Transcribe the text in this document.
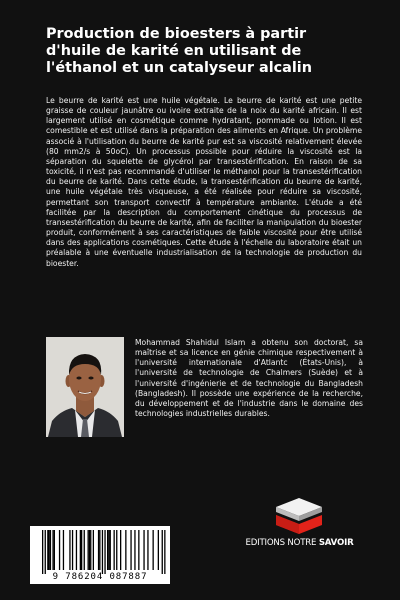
Production de bioesters à partir
d'huile de karité en utilisant de
l'éthanol et un catalyseur alcalin

Le beurre de karité est une huile végétale. Le beurre de karité est une petite graisse de couleur jaunâtre ou ivoire extraite de la noix du karité africain. Il est largement utilisé en cosmétique comme hydratant, pommade ou lotion. Il est comestible et est utilisé dans la préparation des aliments en Afrique. Un problème associé à l'utilisation du beurre de karité pur est sa viscosité relativement élevée (80 mm2/s à 50oC). Un processus possible pour réduire la viscosité est la séparation du squelette de glycérol par transestérification. En raison de sa toxicité, il n'est pas recommandé d'utiliser le méthanol pour la transestérification du beurre de karité. Dans cette étude, la transestérification du beurre de karité, une huile végétale très visqueuse, a été réalisée pour réduire sa viscosité, permettant son transport convectif à température ambiante. L'étude a été facilitée par la description du comportement cinétique du processus de transestérification du beurre de karité, afin de faciliter la manipulation du bioester produit, conformément à ses caractéristiques de faible viscosité pour être utilisé dans des applications cosmétiques. Cette étude à l'échelle du laboratoire était un préalable à une éventuelle industrialisation de la technologie de production du bioester.

Mohammad Shahidul Islam a obtenu son doctorat, sa maîtrise et sa licence en génie chimique respectivement à l'université internationale d'Atlantc (États-Unis), à l'université de technologie de Chalmers (Suède) et à l'université d'ingénierie et de technologie du Bangladesh (Bangladesh). Il possède une expérience de la recherche, du développement et de l'industrie dans le domaine des technologies industrielles durables.

EDITIONS NOTRE SAVOIR
9 786204 087887
